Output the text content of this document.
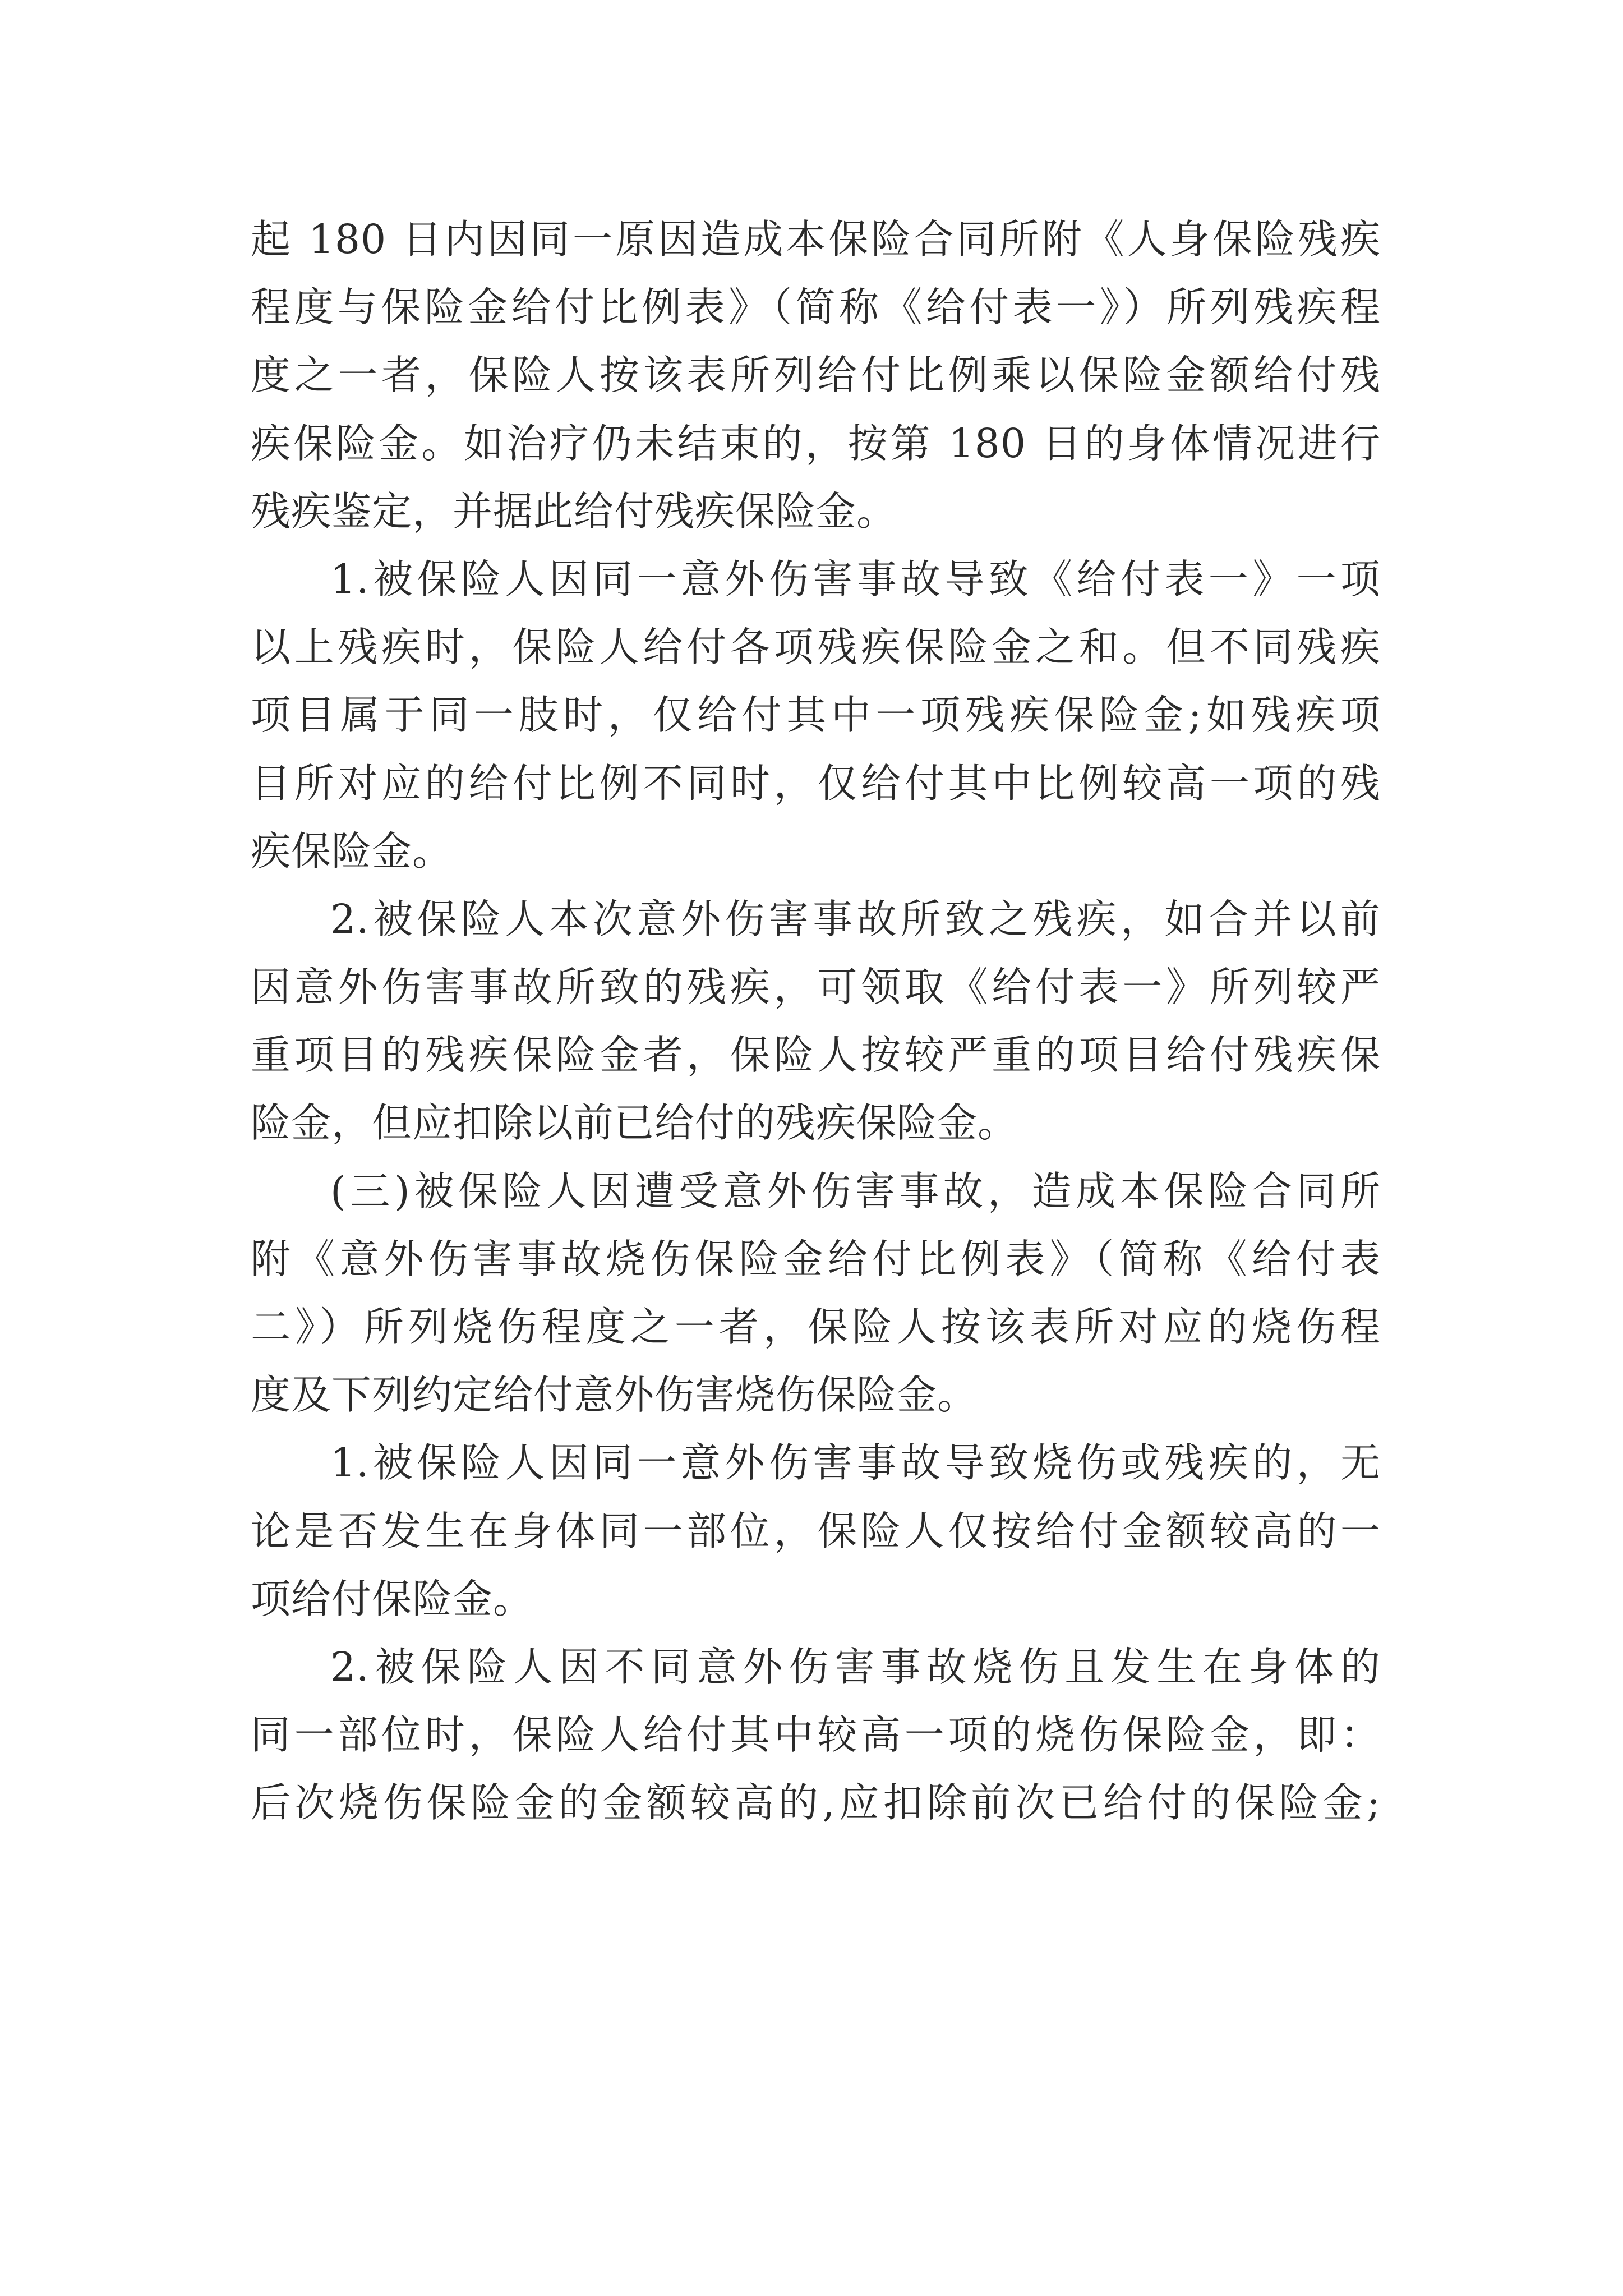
起 180 日内因同一原因造成本保险合同所附《人身保险残疾
程度与保险金给付比例表》（简称《给付表一》）所列残疾程
度之一者，保险人按该表所列给付比例乘以保险金额给付残
疾保险金。如治疗仍未结束的，按第 180 日的身体情况进行
残疾鉴定，并据此给付残疾保险金。
1.被保险人因同一意外伤害事故导致《给付表一》一项
以上残疾时，保险人给付各项残疾保险金之和。但不同残疾
项目属于同一肢时，仅给付其中一项残疾保险金;如残疾项
目所对应的给付比例不同时，仅给付其中比例较高一项的残
疾保险金。
2.被保险人本次意外伤害事故所致之残疾，如合并以前
因意外伤害事故所致的残疾，可领取《给付表一》所列较严
重项目的残疾保险金者，保险人按较严重的项目给付残疾保
险金，但应扣除以前已给付的残疾保险金。
(三)被保险人因遭受意外伤害事故，造成本保险合同所
附《意外伤害事故烧伤保险金给付比例表》（简称《给付表
二》）所列烧伤程度之一者，保险人按该表所对应的烧伤程
度及下列约定给付意外伤害烧伤保险金。
1.被保险人因同一意外伤害事故导致烧伤或残疾的，无
论是否发生在身体同一部位，保险人仅按给付金额较高的一
项给付保险金。
2.被保险人因不同意外伤害事故烧伤且发生在身体的
同一部位时，保险人给付其中较高一项的烧伤保险金，即：
后次烧伤保险金的金额较高的,应扣除前次已给付的保险金;
